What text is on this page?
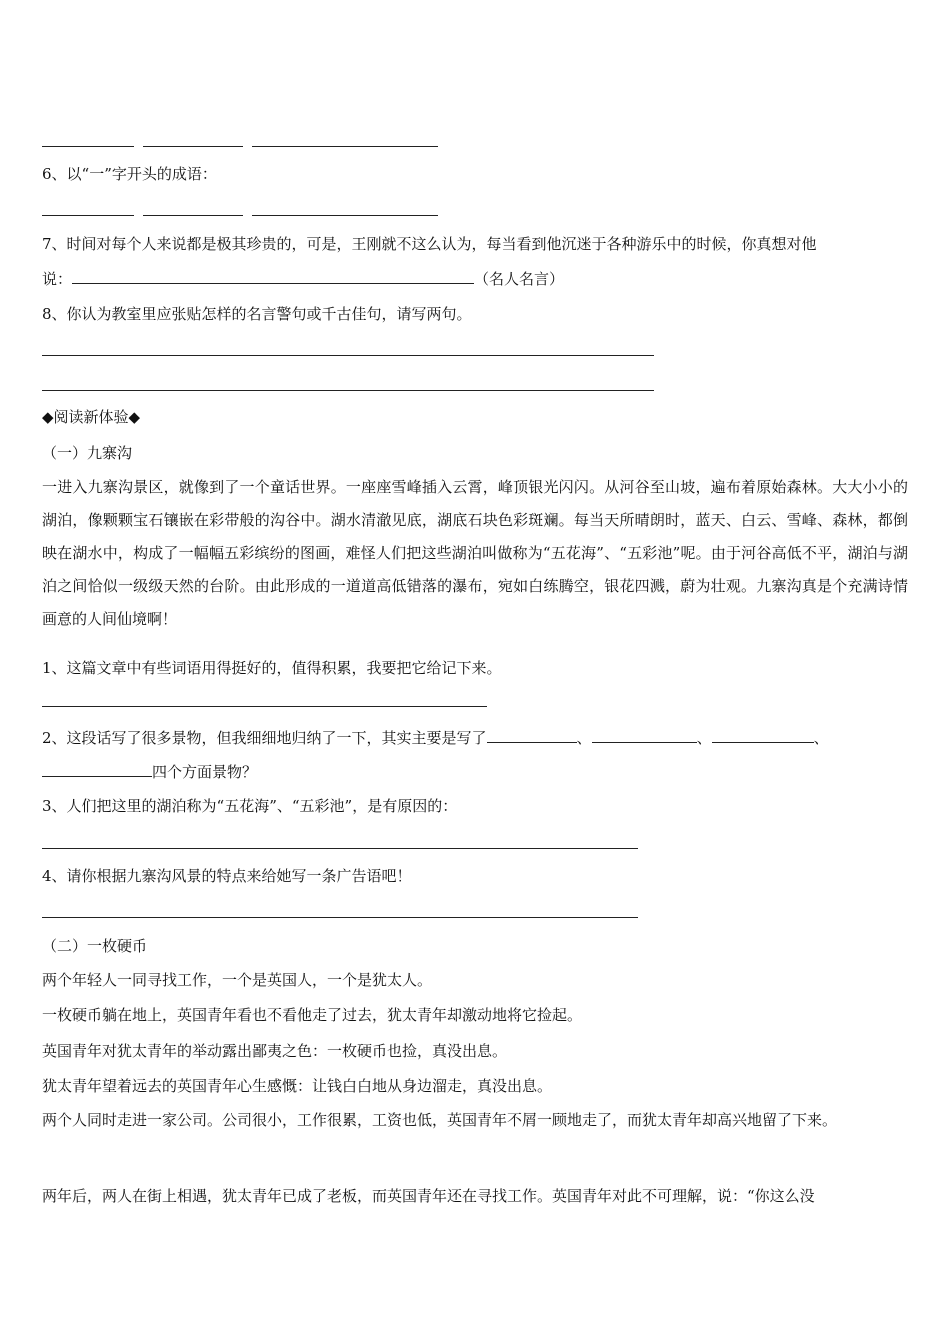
6、以“一”字开头的成语：

7、时间对每个人来说都是极其珍贵的，可是，王刚就不这么认为，每当看到他沉迷于各种游乐中的时候，你真想对他
说：	（名人名言）
8、你认为教室里应张贴怎样的名言警句或千古佳句，请写两句。
◆阅读新体验◆
（一）九寨沟
一进入九寨沟景区，就像到了一个童话世界。一座座雪峰插入云霄，峰顶银光闪闪。从河谷至山坡，遍布着原始森林。大大小小的湖泊，像颗颗宝石镶嵌在彩带般的沟谷中。湖水清澈见底，湖底石块色彩斑斓。每当天所晴朗时，蓝天、白云、雪峰、森林，都倒映在湖水中，构成了一幅幅五彩缤纷的图画，难怪人们把这些湖泊叫做称为“五花海”、“五彩池”呢。由于河谷高低不平，湖泊与湖泊之间恰似一级级天然的台阶。由此形成的一道道高低错落的瀑布，宛如白练腾空，银花四溅，蔚为壮观。九寨沟真是个充满诗情画意的人间仙境啊！
1、这篇文章中有些词语用得挺好的，值得积累，我要把它给记下来。
2、这段话写了很多景物，但我细细地归纳了一下，其实主要是写了	、	、	、
四个方面景物？
3、人们把这里的湖泊称为“五花海”、“五彩池”，是有原因的：
4、请你根据九寨沟风景的特点来给她写一条广告语吧！
（二）一枚硬币
两个年轻人一同寻找工作，一个是英国人，一个是犹太人。
一枚硬币躺在地上，英国青年看也不看他走了过去，犹太青年却激动地将它捡起。
英国青年对犹太青年的举动露出鄙夷之色：一枚硬币也捡，真没出息。
犹太青年望着远去的英国青年心生感慨：让钱白白地从身边溜走，真没出息。
两个人同时走进一家公司。公司很小，工作很累，工资也低，英国青年不屑一顾地走了，而犹太青年却高兴地留了下来。
两年后，两人在街上相遇，犹太青年已成了老板，而英国青年还在寻找工作。英国青年对此不可理解，说：“你这么没
